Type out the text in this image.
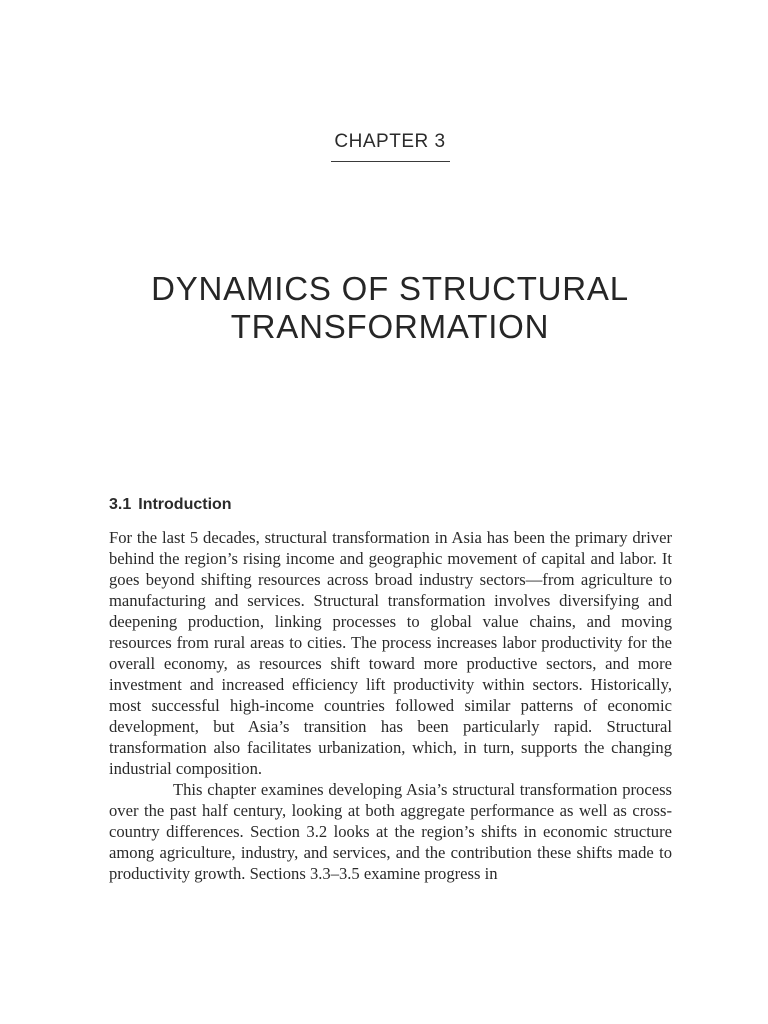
CHAPTER 3
DYNAMICS OF STRUCTURAL
TRANSFORMATION
3.1 Introduction

For the last 5 decades, structural transformation in Asia has been the primary driver behind the region’s rising income and geographic movement of capital and labor. It goes beyond shifting resources across broad industry sectors—from agriculture to manufacturing and services. Structural transformation involves diversifying and deepening production, linking processes to global value chains, and moving resources from rural areas to cities. The process increases labor productivity for the overall economy, as resources shift toward more productive sectors, and more investment and increased efficiency lift productivity within sectors. Historically, most successful high-income countries followed similar patterns of economic development, but Asia’s transition has been particularly rapid. Structural transformation also facilitates urbanization, which, in turn, supports the changing industrial composition.

This chapter examines developing Asia’s structural transformation process over the past half century, looking at both aggregate performance as well as cross-country differences. Section 3.2 looks at the region’s shifts in economic structure among agriculture, industry, and services, and the contribution these shifts made to productivity growth. Sections 3.3–3.5 examine progress in
